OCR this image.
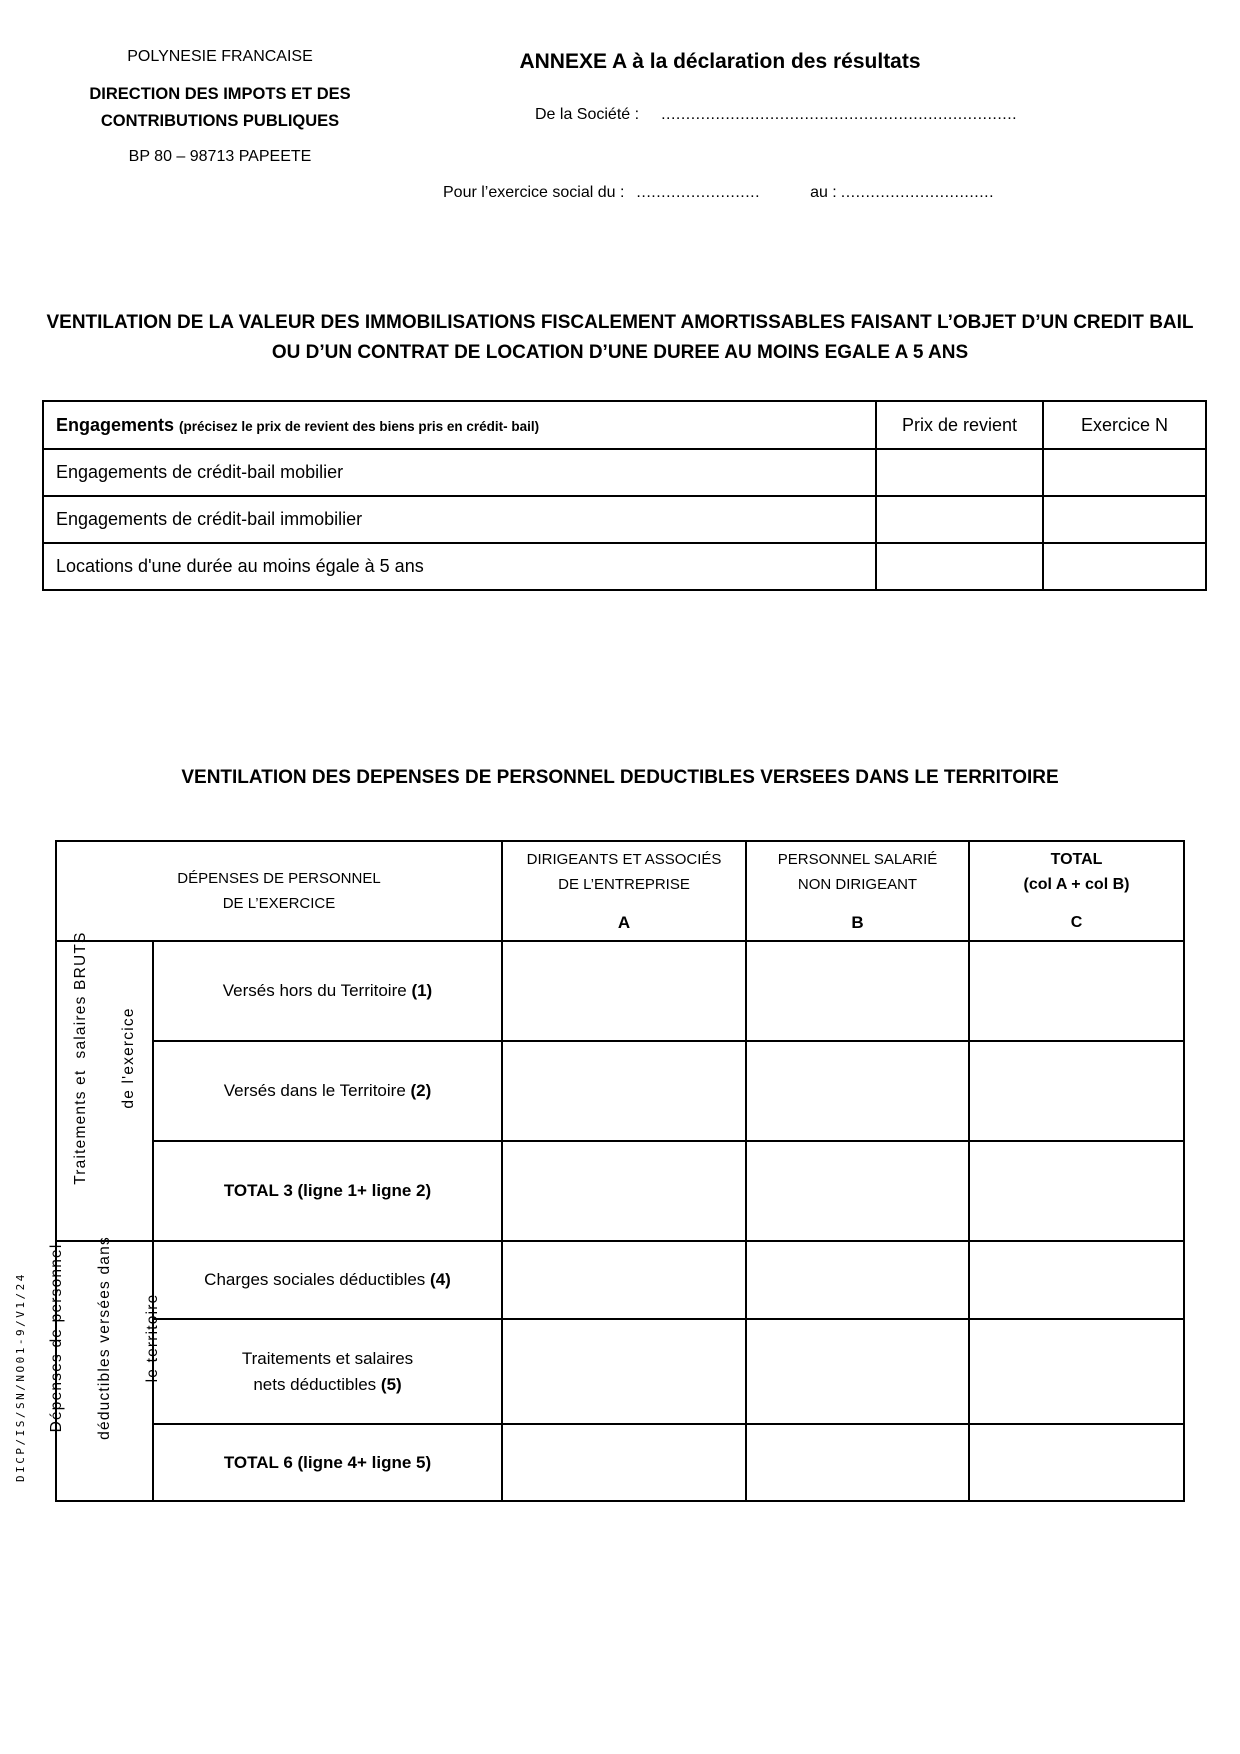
POLYNESIE FRANCAISE
DIRECTION DES IMPOTS ET DES
CONTRIBUTIONS PUBLIQUES
BP 80 – 98713 PAPEETE
ANNEXE A à la déclaration des résultats
De la Société : ........................................................................
Pour l’exercice social du : .........................	au : ...............................
VENTILATION DE LA VALEUR DES IMMOBILISATIONS FISCALEMENT AMORTISSABLES FAISANT L’OBJET D’UN CREDIT BAIL
OU D’UN CONTRAT DE LOCATION D’UNE DUREE AU MOINS EGALE A 5 ANS
Engagements (précisez le prix de revient des biens pris en crédit- bail)	Prix de revient	Exercice N
Engagements de crédit-bail mobilier		
Engagements de crédit-bail immobilier		
Locations d'une durée au moins égale à 5 ans		
VENTILATION DES DEPENSES DE PERSONNEL DEDUCTIBLES VERSEES DANS LE TERRITOIRE
DÉPENSES DE PERSONNEL
DE L’EXERCICE

DIRIGEANTS ET ASSOCIÉS
DE L’ENTREPRISE
A

PERSONNEL SALARIÉ
NON DIRIGEANT
B

TOTAL
(col A + col B)
C

Traitements et  salaires BRUTS de l'exercice	Versés hors du Territoire (1)			
	Versés dans le Territoire (2)			
	TOTAL 3 (ligne 1+ ligne 2)			

Dépenses de personnel déductibles versées dans le territoire	Charges sociales déductibles (4)			

	Traitements et salaires
nets déductibles (5)			

	TOTAL 6 (ligne 4+ ligne 5)			
DICP/IS/SN/NO01-9/V1/24
